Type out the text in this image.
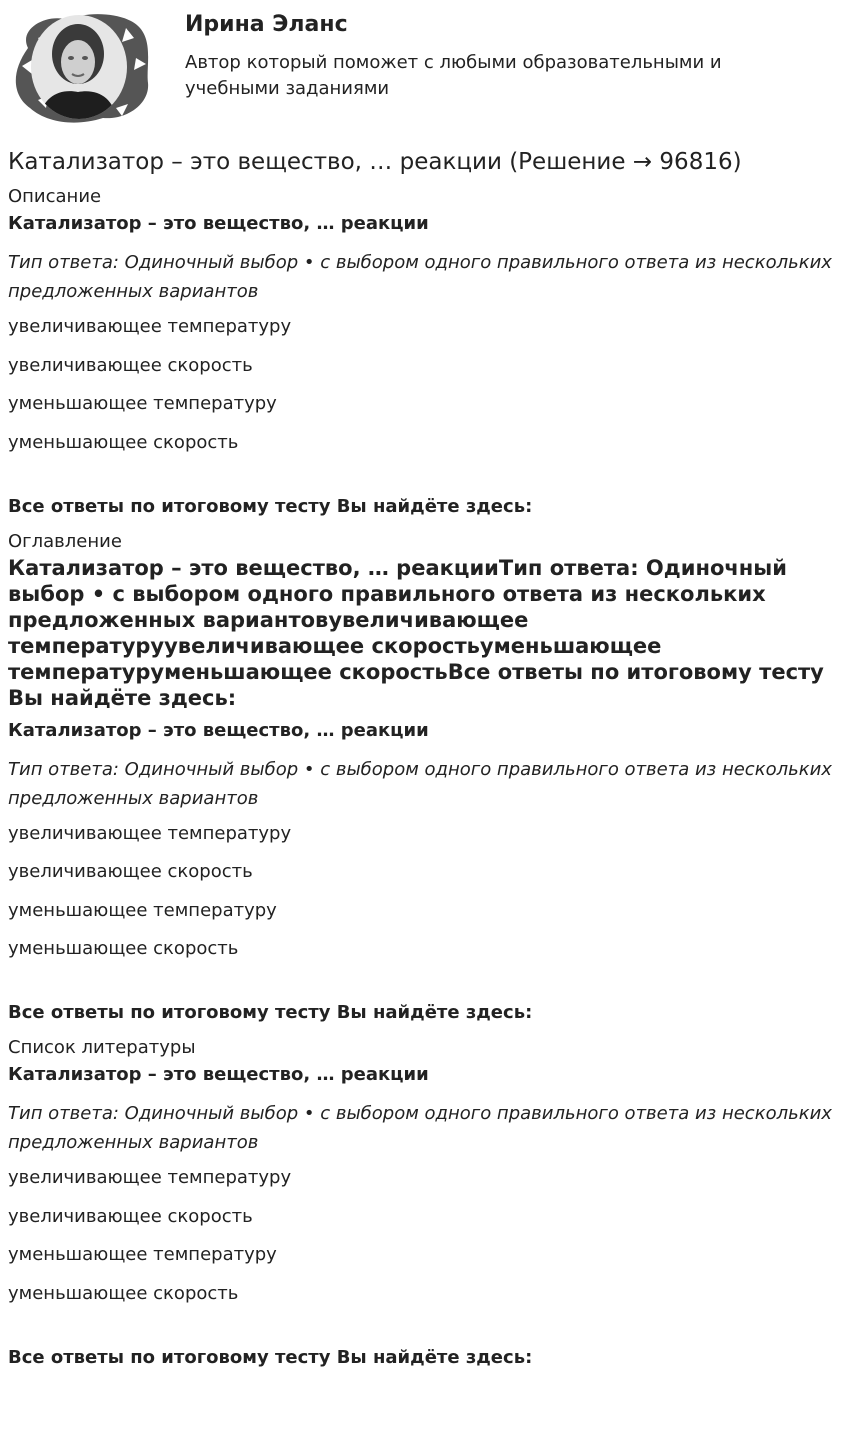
Ирина Эланс

Автор который поможет с любыми образовательными и учебными заданиями

Катализатор – это вещество, … реакции (Решение → 96816)

Описание

Катализатор – это вещество, … реакции

Тип ответа: Одиночный выбор • с выбором одного правильного ответа из нескольких предложенных вариантов

увеличивающее температуру

увеличивающее скорость

уменьшающее температуру

уменьшающее скорость

Все ответы по итоговому тесту Вы найдёте здесь:

Оглавление

Катализатор – это вещество, … реакцииТип ответа: Одиночный выбор • с выбором одного правильного ответа из нескольких предложенных вариантовувеличивающее температуруувеличивающее скоростьуменьшающее температуруменьшающее скоростьВсе ответы по итоговому тесту Вы найдёте здесь:

Катализатор – это вещество, … реакции

Тип ответа: Одиночный выбор • с выбором одного правильного ответа из нескольких предложенных вариантов

увеличивающее температуру

увеличивающее скорость

уменьшающее температуру

уменьшающее скорость

Все ответы по итоговому тесту Вы найдёте здесь:

Список литературы

Катализатор – это вещество, … реакции

Тип ответа: Одиночный выбор • с выбором одного правильного ответа из нескольких предложенных вариантов

увеличивающее температуру

увеличивающее скорость

уменьшающее температуру

уменьшающее скорость

Все ответы по итоговому тесту Вы найдёте здесь:
